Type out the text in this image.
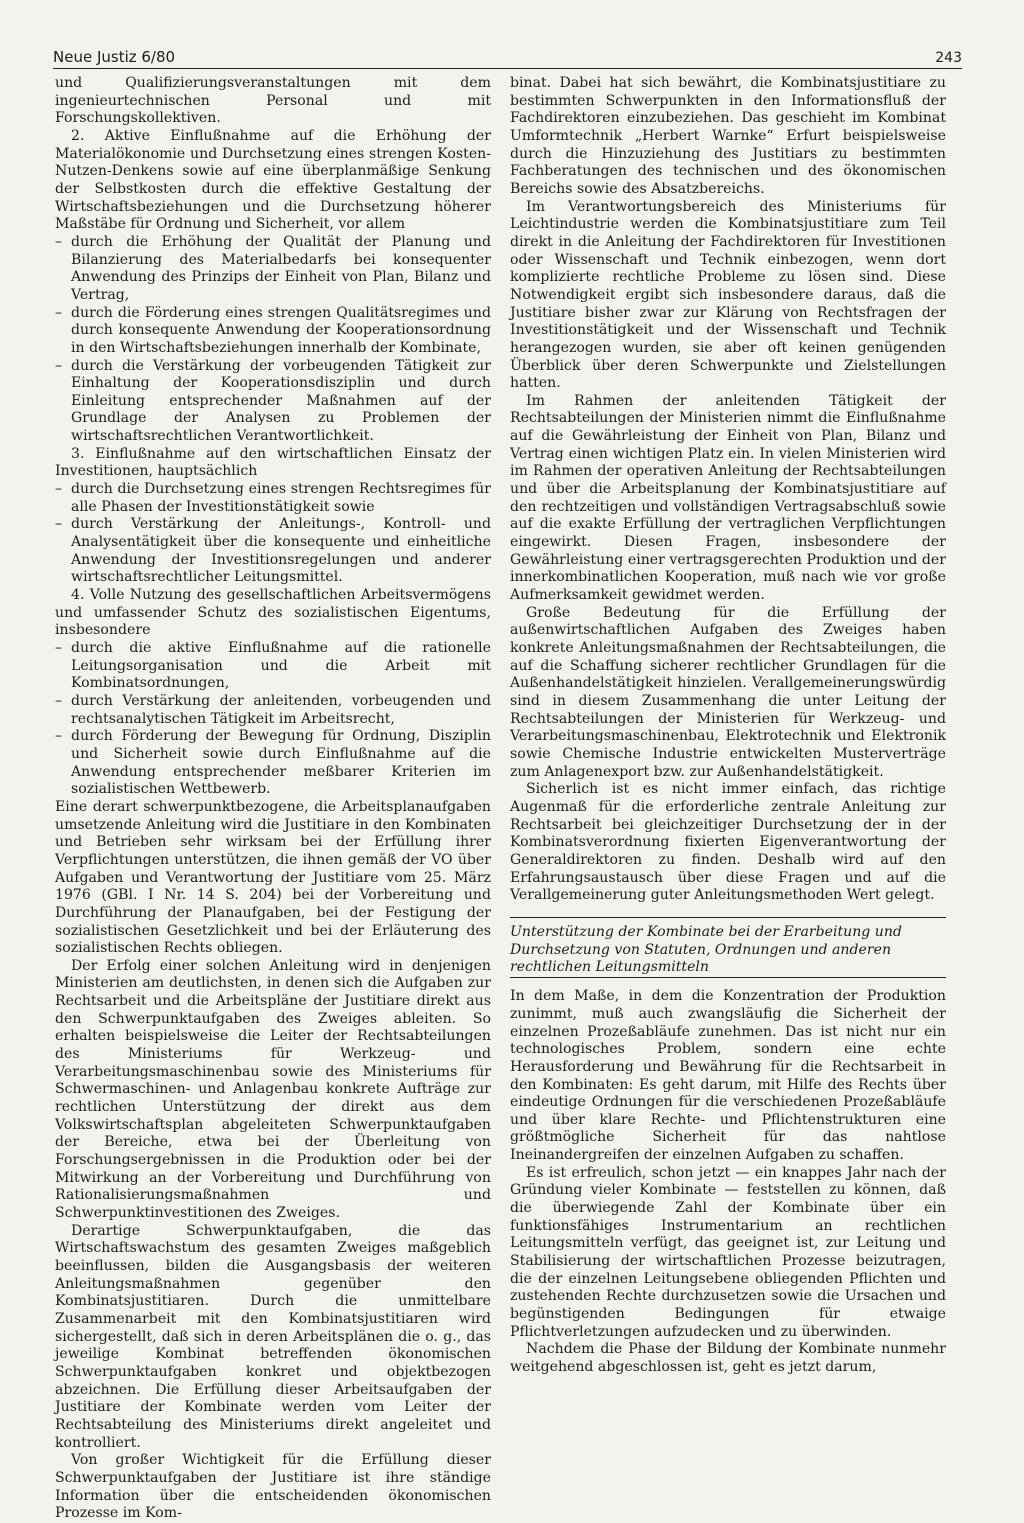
Neue Justiz 6/80	243

und Qualifizierungsveranstaltungen mit dem ingenieurtechnischen Personal und mit Forschungskollektiven.

2. Aktive Einflußnahme auf die Erhöhung der Materialökonomie und Durchsetzung eines strengen Kosten-Nutzen-Denkens sowie auf eine überplanmäßige Senkung der Selbstkosten durch die effektive Gestaltung der Wirtschaftsbeziehungen und die Durchsetzung höherer Maßstäbe für Ordnung und Sicherheit, vor allem

– durch die Erhöhung der Qualität der Planung und Bilanzierung des Materialbedarfs bei konsequenter Anwendung des Prinzips der Einheit von Plan, Bilanz und Vertrag,

– durch die Förderung eines strengen Qualitätsregimes und durch konsequente Anwendung der Kooperationsordnung in den Wirtschaftsbeziehungen innerhalb der Kombinate,

– durch die Verstärkung der vorbeugenden Tätigkeit zur Einhaltung der Kooperationsdisziplin und durch Einleitung entsprechender Maßnahmen auf der Grundlage der Analysen zu Problemen der wirtschaftsrechtlichen Verantwortlichkeit.

3. Einflußnahme auf den wirtschaftlichen Einsatz der Investitionen, hauptsächlich

– durch die Durchsetzung eines strengen Rechtsregimes für alle Phasen der Investitionstätigkeit sowie

– durch Verstärkung der Anleitungs-, Kontroll- und Analysentätigkeit über die konsequente und einheitliche Anwendung der Investitionsregelungen und anderer wirtschaftsrechtlicher Leitungsmittel.

4. Volle Nutzung des gesellschaftlichen Arbeitsvermögens und umfassender Schutz des sozialistischen Eigentums, insbesondere

– durch die aktive Einflußnahme auf die rationelle Leitungsorganisation und die Arbeit mit Kombinatsordnungen,

– durch Verstärkung der anleitenden, vorbeugenden und rechtsanalytischen Tätigkeit im Arbeitsrecht,

– durch Förderung der Bewegung für Ordnung, Disziplin und Sicherheit sowie durch Einflußnahme auf die Anwendung entsprechender meßbarer Kriterien im sozialistischen Wettbewerb.

Eine derart schwerpunktbezogene, die Arbeitsplanaufgaben umsetzende Anleitung wird die Justitiare in den Kombinaten und Betrieben sehr wirksam bei der Erfüllung ihrer Verpflichtungen unterstützen, die ihnen gemäß der VO über Aufgaben und Verantwortung der Justitiare vom 25. März 1976 (GBl. I Nr. 14 S. 204) bei der Vorbereitung und Durchführung der Planaufgaben, bei der Festigung der sozialistischen Gesetzlichkeit und bei der Erläuterung des sozialistischen Rechts obliegen.

Der Erfolg einer solchen Anleitung wird in denjenigen Ministerien am deutlichsten, in denen sich die Aufgaben zur Rechtsarbeit und die Arbeitspläne der Justitiare direkt aus den Schwerpunktaufgaben des Zweiges ableiten. So erhalten beispielsweise die Leiter der Rechtsabteilungen des Ministeriums für Werkzeug- und Verarbeitungsmaschinenbau sowie des Ministeriums für Schwermaschinen- und Anlagenbau konkrete Aufträge zur rechtlichen Unterstützung der direkt aus dem Volkswirtschaftsplan abgeleiteten Schwerpunktaufgaben der Bereiche, etwa bei der Überleitung von Forschungsergebnissen in die Produktion oder bei der Mitwirkung an der Vorbereitung und Durchführung von Rationalisierungsmaßnahmen und Schwerpunktinvestitionen des Zweiges.

Derartige Schwerpunktaufgaben, die das Wirtschaftswachstum des gesamten Zweiges maßgeblich beeinflussen, bilden die Ausgangsbasis der weiteren Anleitungsmaßnahmen gegenüber den Kombinatsjustitiaren. Durch die unmittelbare Zusammenarbeit mit den Kombinatsjustitiaren wird sichergestellt, daß sich in deren Arbeitsplänen die o. g., das jeweilige Kombinat betreffenden ökonomischen Schwerpunktaufgaben konkret und objektbezogen abzeichnen. Die Erfüllung dieser Arbeitsaufgaben der Justitiare der Kombinate werden vom Leiter der Rechtsabteilung des Ministeriums direkt angeleitet und kontrolliert.

Von großer Wichtigkeit für die Erfüllung dieser Schwerpunktaufgaben der Justitiare ist ihre ständige Information über die entscheidenden ökonomischen Prozesse im Kom-

binat. Dabei hat sich bewährt, die Kombinatsjustitiare zu bestimmten Schwerpunkten in den Informationsfluß der Fachdirektoren einzubeziehen. Das geschieht im Kombinat Umformtechnik „Herbert Warnke“ Erfurt beispielsweise durch die Hinzuziehung des Justitiars zu bestimmten Fachberatungen des technischen und des ökonomischen Bereichs sowie des Absatzbereichs.

Im Verantwortungsbereich des Ministeriums für Leichtindustrie werden die Kombinatsjustitiare zum Teil direkt in die Anleitung der Fachdirektoren für Investitionen oder Wissenschaft und Technik einbezogen, wenn dort komplizierte rechtliche Probleme zu lösen sind. Diese Notwendigkeit ergibt sich insbesondere daraus, daß die Justitiare bisher zwar zur Klärung von Rechtsfragen der Investitionstätigkeit und der Wissenschaft und Technik herangezogen wurden, sie aber oft keinen genügenden Überblick über deren Schwerpunkte und Zielstellungen hatten.

Im Rahmen der anleitenden Tätigkeit der Rechtsabteilungen der Ministerien nimmt die Einflußnahme auf die Gewährleistung der Einheit von Plan, Bilanz und Vertrag einen wichtigen Platz ein. In vielen Ministerien wird im Rahmen der operativen Anleitung der Rechtsabteilungen und über die Arbeitsplanung der Kombinatsjustitiare auf den rechtzeitigen und vollständigen Vertragsabschluß sowie auf die exakte Erfüllung der vertraglichen Verpflichtungen eingewirkt. Diesen Fragen, insbesondere der Gewährleistung einer vertragsgerechten Produktion und der innerkombinatlichen Kooperation, muß nach wie vor große Aufmerksamkeit gewidmet werden.

Große Bedeutung für die Erfüllung der außenwirtschaftlichen Aufgaben des Zweiges haben konkrete Anleitungsmaßnahmen der Rechtsabteilungen, die auf die Schaffung sicherer rechtlicher Grundlagen für die Außenhandelstätigkeit hinzielen. Verallgemeinerungswürdig sind in diesem Zusammenhang die unter Leitung der Rechtsabteilungen der Ministerien für Werkzeug- und Verarbeitungsmaschinenbau, Elektrotechnik und Elektronik sowie Chemische Industrie entwickelten Musterverträge zum Anlagenexport bzw. zur Außenhandelstätigkeit.

Sicherlich ist es nicht immer einfach, das richtige Augenmaß für die erforderliche zentrale Anleitung zur Rechtsarbeit bei gleichzeitiger Durchsetzung der in der Kombinatsverordnung fixierten Eigenverantwortung der Generaldirektoren zu finden. Deshalb wird auf den Erfahrungsaustausch über diese Fragen und auf die Verallgemeinerung guter Anleitungsmethoden Wert gelegt.

Unterstützung der Kombinate bei der Erarbeitung und Durchsetzung von Statuten, Ordnungen und anderen rechtlichen Leitungsmitteln

In dem Maße, in dem die Konzentration der Produktion zunimmt, muß auch zwangsläufig die Sicherheit der einzelnen Prozeßabläufe zunehmen. Das ist nicht nur ein technologisches Problem, sondern eine echte Herausforderung und Bewährung für die Rechtsarbeit in den Kombinaten: Es geht darum, mit Hilfe des Rechts über eindeutige Ordnungen für die verschiedenen Prozeßabläufe und über klare Rechte- und Pflichtenstrukturen eine größtmögliche Sicherheit für das nahtlose Ineinandergreifen der einzelnen Aufgaben zu schaffen.

Es ist erfreulich, schon jetzt — ein knappes Jahr nach der Gründung vieler Kombinate — feststellen zu können, daß die überwiegende Zahl der Kombinate über ein funktionsfähiges Instrumentarium an rechtlichen Leitungsmitteln verfügt, das geeignet ist, zur Leitung und Stabilisierung der wirtschaftlichen Prozesse beizutragen, die der einzelnen Leitungsebene obliegenden Pflichten und zustehenden Rechte durchzusetzen sowie die Ursachen und begünstigenden Bedingungen für etwaige Pflichtverletzungen aufzudecken und zu überwinden.

Nachdem die Phase der Bildung der Kombinate nunmehr weitgehend abgeschlossen ist, geht es jetzt darum,
